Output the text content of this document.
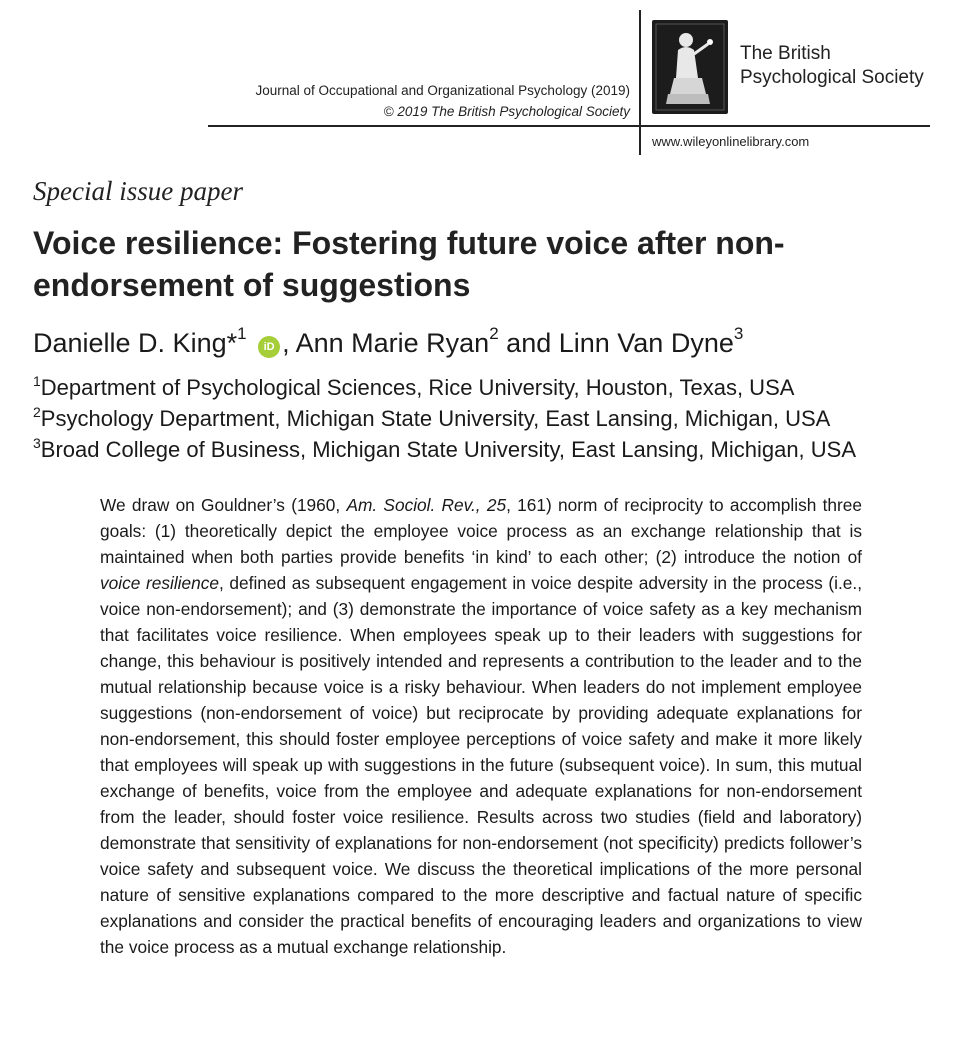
Journal of Occupational and Organizational Psychology (2019)
© 2019 The British Psychological Society
The British
Psychological Society
www.wileyonlinelibrary.com
Special issue paper
Voice resilience: Fostering future voice after non-endorsement of suggestions
Danielle D. King*$^1$ iD , Ann Marie Ryan$^2$ and Linn Van Dyne$^3$
$^1$Department of Psychological Sciences, Rice University, Houston, Texas, USA
$^2$Psychology Department, Michigan State University, East Lansing, Michigan, USA
$^3$Broad College of Business, Michigan State University, East Lansing, Michigan, USA

We draw on Gouldner’s (1960, Am. Sociol. Rev., 25, 161) norm of reciprocity to accomplish three goals: (1) theoretically depict the employee voice process as an exchange relationship that is maintained when both parties provide benefits ‘in kind’ to each other; (2) introduce the notion of voice resilience, defined as subsequent engagement in voice despite adversity in the process (i.e., voice non-endorsement); and (3) demonstrate the importance of voice safety as a key mechanism that facilitates voice resilience. When employees speak up to their leaders with suggestions for change, this behaviour is positively intended and represents a contribution to the leader and to the mutual relationship because voice is a risky behaviour. When leaders do not implement employee suggestions (non-endorsement of voice) but reciprocate by providing adequate explanations for non-endorsement, this should foster employee perceptions of voice safety and make it more likely that employees will speak up with suggestions in the future (subsequent voice). In sum, this mutual exchange of benefits, voice from the employee and adequate explanations for non-endorsement from the leader, should foster voice resilience. Results across two studies (field and laboratory) demonstrate that sensitivity of explanations for non-endorsement (not specificity) predicts follower’s voice safety and subsequent voice. We discuss the theoretical implications of the more personal nature of sensitive explanations compared to the more descriptive and factual nature of specific explanations and consider the practical benefits of encouraging leaders and organizations to view the voice process as a mutual exchange relationship.
